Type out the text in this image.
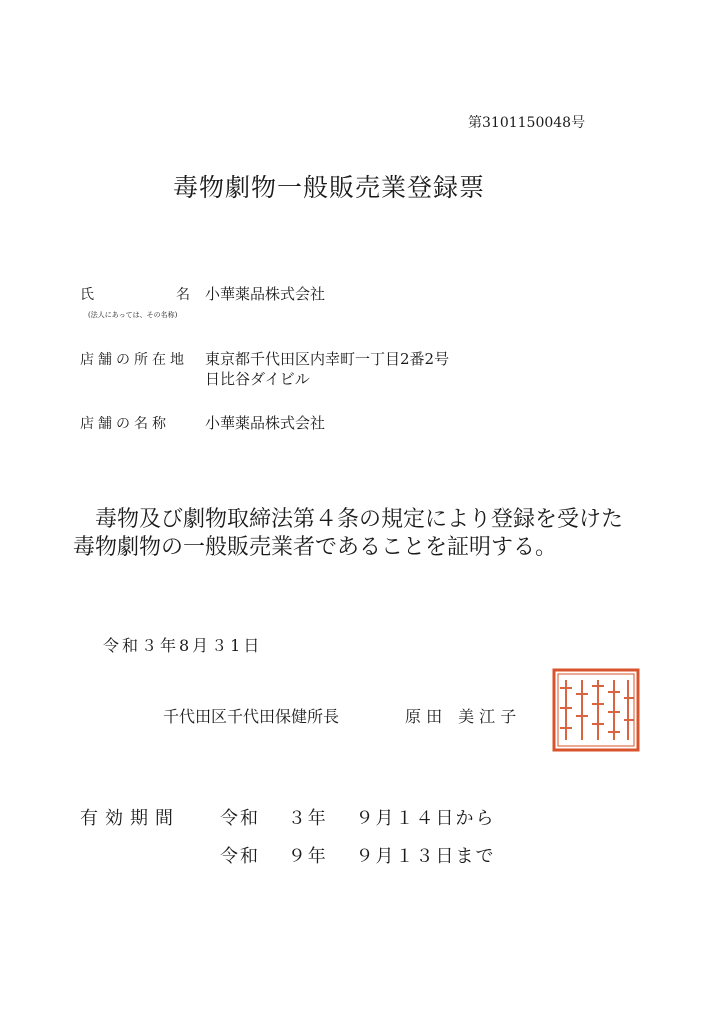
第3101150048号
毒物劇物一般販売業登録票
氏	名
(法人にあっては、その名称)
小華薬品株式会社
店舗の所在地 東京都千代田区内幸町一丁目2番2号
日比谷ダイビル
店舗の名称 小華薬品株式会社
毒物及び劇物取締法第４条の規定により登録を受けた毒物劇物の一般販売業者であることを証明する。
令和３年8月３1日
千代田区千代田保健所長	原 田　美 江 子
有効期間 令和　 ３年　 ９月１４日から
令和　 ９年　 ９月１３日まで
